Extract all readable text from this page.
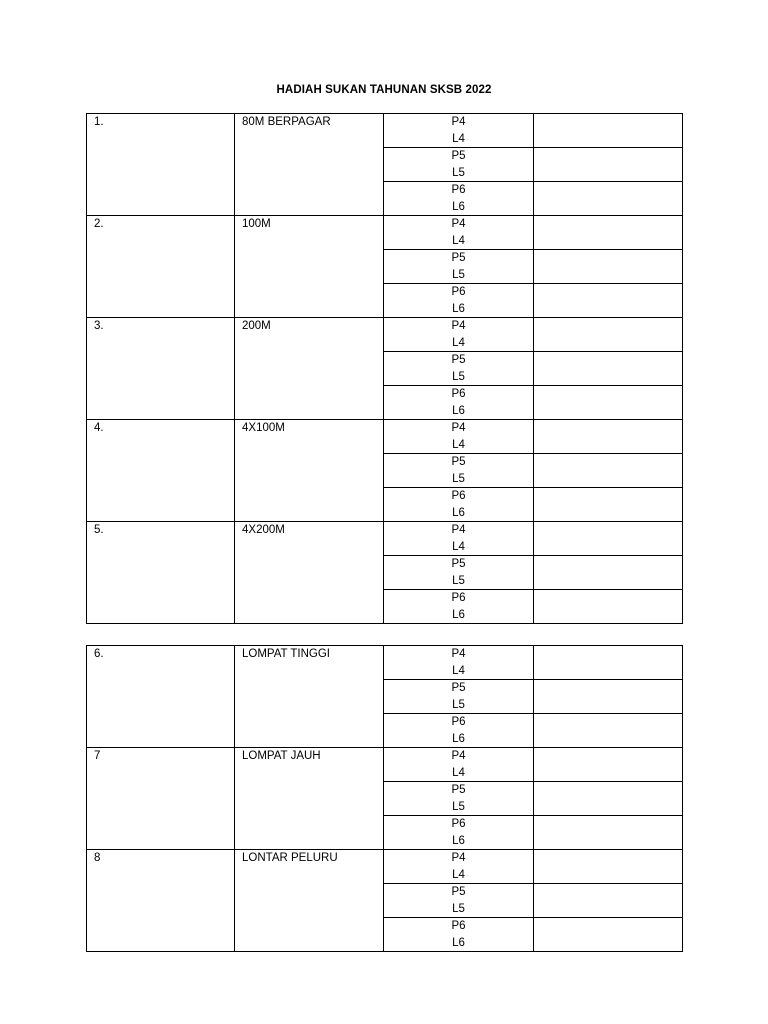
HADIAH SUKAN TAHUNAN SKSB 2022
1.	80M BERPAGAR	P4
L4	

		P5
L5	

		P6
L6	

2.	100M	P4
L4	

		P5
L5	

		P6
L6	

3.	200M	P4
L4	

		P5
L5	

		P6
L6	

4.	4X100M	P4
L4	

		P5
L5	

		P6
L6	

5.	4X200M	P4
L4	

		P5
L5	

		P6
L6	

6.	LOMPAT TINGGI	P4
L4	

		P5
L5	

		P6
L6	

7	LOMPAT JAUH	P4
L4	

		P5
L5	

		P6
L6	

8	LONTAR PELURU	P4
L4	

		P5
L5	

		P6
L6	
